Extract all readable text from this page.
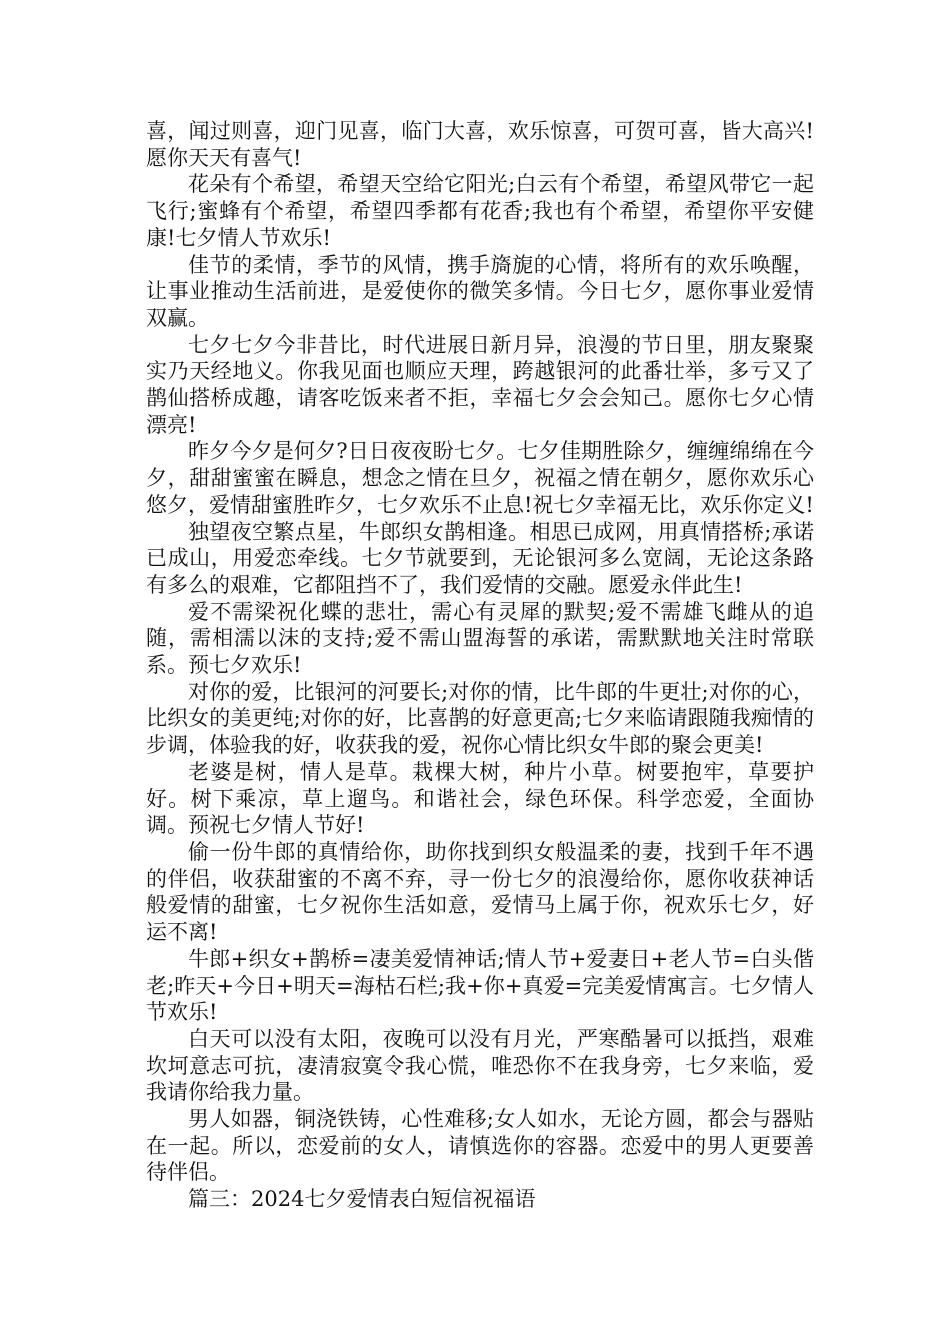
喜，闻过则喜，迎门见喜，临门大喜，欢乐惊喜，可贺可喜，皆大高兴!愿你天天有喜气!

花朵有个希望，希望天空给它阳光;白云有个希望，希望风带它一起飞行;蜜蜂有个希望，希望四季都有花香;我也有个希望，希望你平安健康!七夕情人节欢乐!

佳节的柔情，季节的风情，携手旖旎的心情，将所有的欢乐唤醒，让事业推动生活前进，是爱使你的微笑多情。今日七夕，愿你事业爱情双赢。

七夕七夕今非昔比，时代进展日新月异，浪漫的节日里，朋友聚聚实乃天经地义。你我见面也顺应天理，跨越银河的此番壮举，多亏又了鹊仙搭桥成趣，请客吃饭来者不拒，幸福七夕会会知己。愿你七夕心情漂亮!

昨夕今夕是何夕?日日夜夜盼七夕。七夕佳期胜除夕，缠缠绵绵在今夕，甜甜蜜蜜在瞬息，想念之情在旦夕，祝福之情在朝夕，愿你欢乐心悠夕，爱情甜蜜胜昨夕，七夕欢乐不止息!祝七夕幸福无比，欢乐你定义!

独望夜空繁点星，牛郎织女鹊相逢。相思已成网，用真情搭桥;承诺已成山，用爱恋牵线。七夕节就要到，无论银河多么宽阔，无论这条路有多么的艰难，它都阻挡不了，我们爱情的交融。愿爱永伴此生!

爱不需梁祝化蝶的悲壮，需心有灵犀的默契;爱不需雄飞雌从的追随，需相濡以沫的支持;爱不需山盟海誓的承诺，需默默地关注时常联系。预七夕欢乐!

对你的爱，比银河的河要长;对你的情，比牛郎的牛更壮;对你的心，比织女的美更纯;对你的好，比喜鹊的好意更高;七夕来临请跟随我痴情的步调，体验我的好，收获我的爱，祝你心情比织女牛郎的聚会更美!

老婆是树，情人是草。栽棵大树，种片小草。树要抱牢，草要护好。树下乘凉，草上遛鸟。和谐社会，绿色环保。科学恋爱，全面协调。预祝七夕情人节好!

偷一份牛郎的真情给你，助你找到织女般温柔的妻，找到千年不遇的伴侣，收获甜蜜的不离不弃，寻一份七夕的浪漫给你，愿你收获神话般爱情的甜蜜，七夕祝你生活如意，爱情马上属于你，祝欢乐七夕，好运不离!

牛郎+织女+鹊桥=凄美爱情神话;情人节+爱妻日+老人节=白头偕老;昨天+今日+明天=海枯石栏;我+你+真爱=完美爱情寓言。七夕情人节欢乐!

白天可以没有太阳，夜晚可以没有月光，严寒酷暑可以抵挡，艰难坎坷意志可抗，凄清寂寞令我心慌，唯恐你不在我身旁，七夕来临，爱我请你给我力量。

男人如器，铜浇铁铸，心性难移;女人如水，无论方圆，都会与器贴在一起。所以，恋爱前的女人，请慎选你的容器。恋爱中的男人更要善待伴侣。

篇三：2024七夕爱情表白短信祝福语
